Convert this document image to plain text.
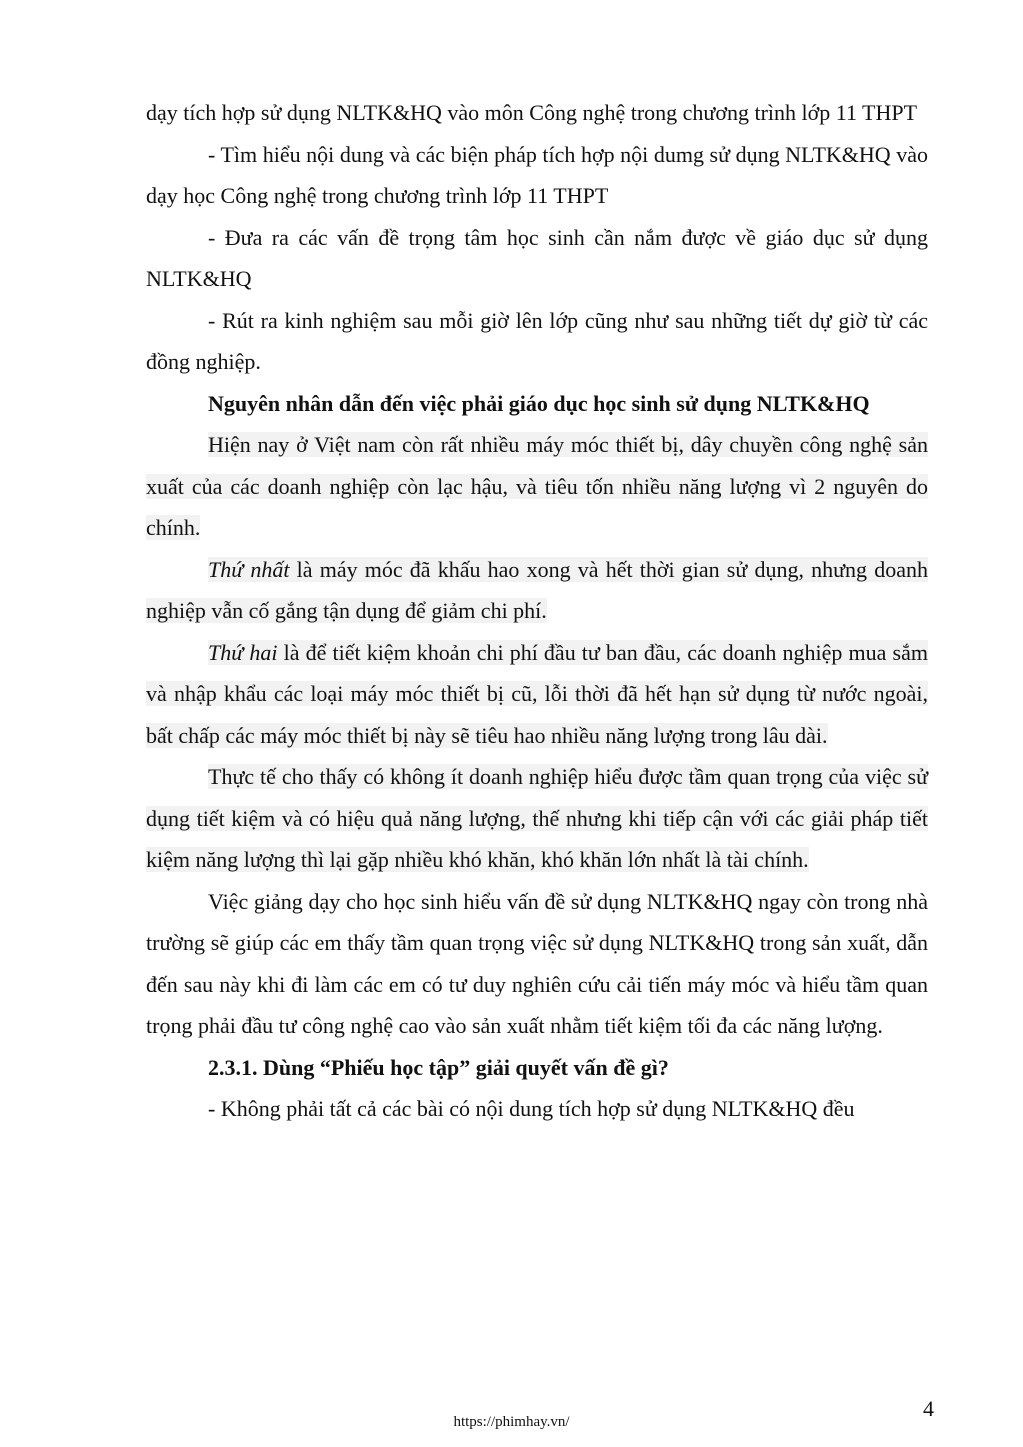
dạy tích hợp sử dụng NLTK&HQ vào môn Công nghệ trong chương trình lớp 11 THPT

- Tìm hiểu nội dung và các biện pháp tích hợp nội dumg sử dụng NLTK&HQ vào dạy học Công nghệ trong chương trình lớp 11 THPT

- Đưa ra các vấn đề trọng tâm học sinh cần nắm được về giáo dục sử dụng NLTK&HQ

- Rút ra kinh nghiệm sau mỗi giờ lên lớp cũng như sau những tiết dự giờ từ các đồng nghiệp.

Nguyên nhân dẫn đến việc phải giáo dục học sinh sử dụng NLTK&HQ

Hiện nay ở Việt nam còn rất nhiều máy móc thiết bị, dây chuyền công nghệ sản xuất của các doanh nghiệp còn lạc hậu, và tiêu tốn nhiều năng lượng vì 2 nguyên do chính.

Thứ nhất là máy móc đã khấu hao xong và hết thời gian sử dụng, nhưng doanh nghiệp vẫn cố gắng tận dụng để giảm chi phí.

Thứ hai là để tiết kiệm khoản chi phí đầu tư ban đầu, các doanh nghiệp mua sắm và nhập khẩu các loại máy móc thiết bị cũ, lỗi thời đã hết hạn sử dụng từ nước ngoài, bất chấp các máy móc thiết bị này sẽ tiêu hao nhiều năng lượng trong lâu dài.

Thực tế cho thấy có không ít doanh nghiệp hiểu được tầm quan trọng của việc sử dụng tiết kiệm và có hiệu quả năng lượng, thế nhưng khi tiếp cận với các giải pháp tiết kiệm năng lượng thì lại gặp nhiều khó khăn, khó khăn lớn nhất là tài chính.

Việc giảng dạy cho học sinh hiểu vấn đề sử dụng NLTK&HQ ngay còn trong nhà trường sẽ giúp các em thấy tầm quan trọng việc sử dụng NLTK&HQ trong sản xuất, dẫn đến sau này khi đi làm các em có tư duy nghiên cứu cải tiến máy móc và hiểu tầm quan trọng phải đầu tư công nghệ cao vào sản xuất nhằm tiết kiệm tối đa các năng lượng.

2.3.1. Dùng “Phiếu học tập” giải quyết vấn đề gì?

- Không phải tất cả các bài có nội dung tích hợp sử dụng NLTK&HQ đều

4
https://phimhay.vn/
